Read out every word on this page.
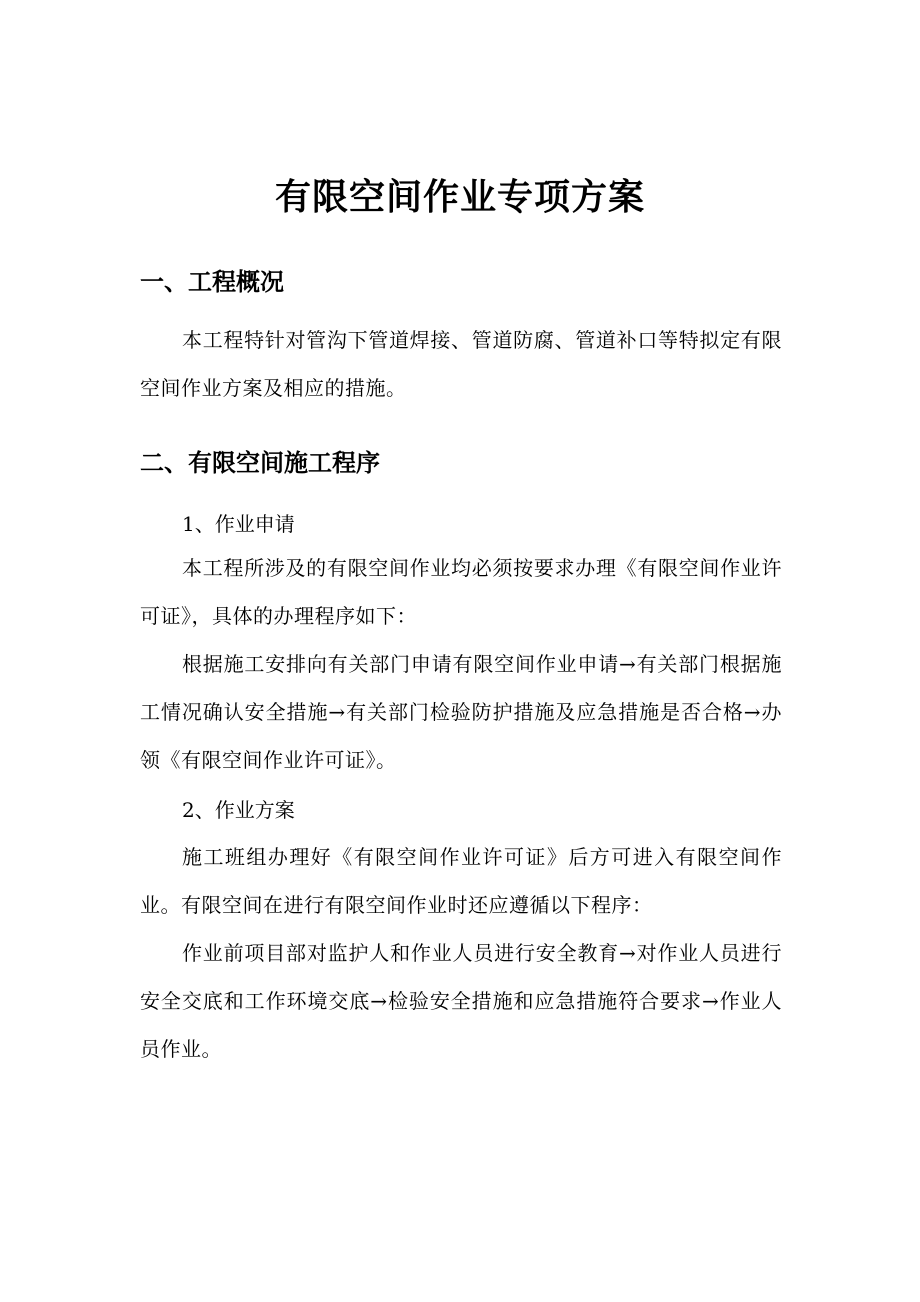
有限空间作业专项方案
一、工程概况
本工程特针对管沟下管道焊接、管道防腐、管道补口等特拟定有限空间作业方案及相应的措施。
二、有限空间施工程序
1、作业申请
本工程所涉及的有限空间作业均必须按要求办理《有限空间作业许可证》，具体的办理程序如下：
根据施工安排向有关部门申请有限空间作业申请→有关部门根据施工情况确认安全措施→有关部门检验防护措施及应急措施是否合格→办领《有限空间作业许可证》。
2、作业方案
施工班组办理好《有限空间作业许可证》后方可进入有限空间作业。有限空间在进行有限空间作业时还应遵循以下程序：
作业前项目部对监护人和作业人员进行安全教育→对作业人员进行安全交底和工作环境交底→检验安全措施和应急措施符合要求→作业人员作业。
